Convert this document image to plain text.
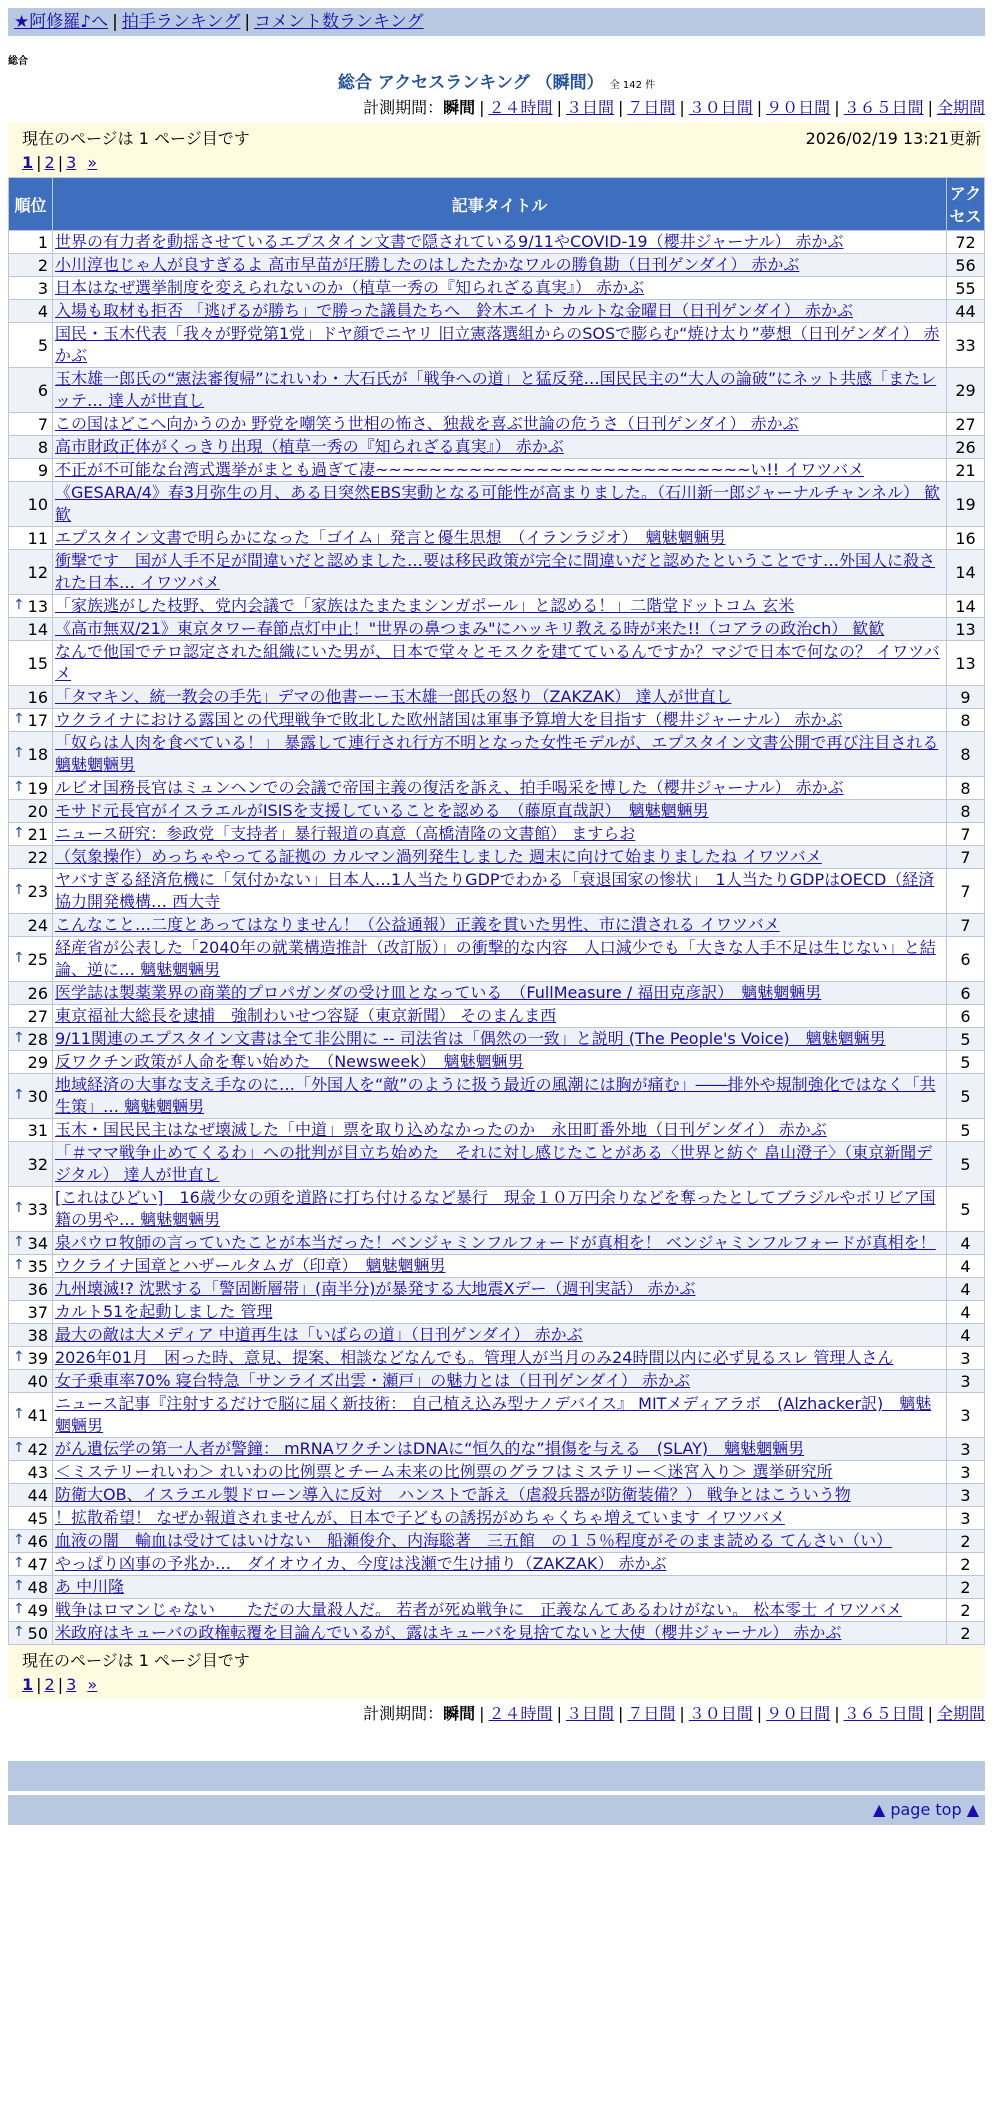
★阿修羅♪へ | 拍手ランキング | コメント数ランキング
総合
総合 アクセスランキング （瞬間） 全 142 件
計測期間：瞬間 | ２４時間 | ３日間 | ７日間 | ３０日間 | ９０日間 | ３６５日間 | 全期間
現在のページは 1 ページ目です	2026/02/19 13:21更新
1 | 2 | 3 »
順位	記事タイトル	アクセス
1	世界の有力者を動揺させているエプスタイン文書で隠されている9/11やCOVID-19（櫻井ジャーナル） 赤かぶ	72
2	小川淳也じゃ人が良すぎるよ 高市早苗が圧勝したのはしたたかなワルの勝負勘（日刊ゲンダイ） 赤かぶ	56
3	日本はなぜ選挙制度を変えられないのか（植草一秀の『知られざる真実』） 赤かぶ	55
4	入場も取材も拒否 「逃げるが勝ち」で勝った議員たちへ　鈴木エイト カルトな金曜日（日刊ゲンダイ） 赤かぶ	44
5	国民・玉木代表「我々が野党第1党」ドヤ顔でニヤリ 旧立憲落選組からのSOSで膨らむ“焼け太り”夢想（日刊ゲンダイ） 赤かぶ	33
6	玉木雄一郎氏の“憲法審復帰”にれいわ・大石氏が「戦争への道」と猛反発…国民民主の“大人の論破”にネット共感「またレッテ… 達人が世直し	29
7	この国はどこへ向かうのか 野党を嘲笑う世相の怖さ、独裁を喜ぶ世論の危うさ（日刊ゲンダイ） 赤かぶ	27
8	高市財政正体がくっきり出現（植草一秀の『知られざる真実』） 赤かぶ	26
9	不正が不可能な台湾式選挙がまとも過ぎて凄~~~~~~~~~~~~~~~~~~~~~~~~~~~~い!! イワツバメ	21
10	《GESARA/4》春3月弥生の月、ある日突然EBS実動となる可能性が高まりました。（石川新一郎ジャーナルチャンネル） 歓歓	19
11	エプスタイン文書で明らかになった「ゴイム」発言と優生思想　（イランラジオ）　魑魅魍魎男	16
12	衝撃です　国が人手不足が間違いだと認めました…要は移民政策が完全に間違いだと認めたということです…外国人に殺された日本… イワツバメ	14

↑ 13	「家族逃がした枝野、党内会議で「家族はたまたまシンガポール」と認める！」二階堂ドットコム 玄米	14
14	《高市無双/21》東京タワー春節点灯中止！"世界の鼻つまみ"にハッキリ教える時が来た!!（コアラの政治ch） 歓歓	13
15	なんで他国でテロ認定された組織にいた男が、日本で堂々とモスクを建てているんですか？マジで日本で何なの？ イワツバメ	13
16	「タマキン、統一教会の手先」デマの他書ーー玉木雄一郎氏の怒り（ZAKZAK） 達人が世直し	9

↑ 17	ウクライナにおける露国との代理戦争で敗北した欧州諸国は軍事予算増大を目指す（櫻井ジャーナル） 赤かぶ	8

↑ 18	「奴らは人肉を食べている！」 暴露して連行され行方不明となった女性モデルが、エプスタイン文書公開で再び注目される 魑魅魍魎男	8

↑ 19	ルビオ国務長官はミュンヘンでの会議で帝国主義の復活を訴え、拍手喝采を博した（櫻井ジャーナル） 赤かぶ	8
20	モサド元長官がイスラエルがISISを支援していることを認める　（藤原直哉訳）　魑魅魍魎男	8

↑ 21	ニュース研究：参政党「支持者」暴行報道の真意（高橋清隆の文書館） ますらお	7
22	（気象操作）めっちゃやってる証拠の カルマン渦列発生しました 週末に向けて始まりましたね イワツバメ	7

↑ 23	ヤバすぎる経済危機に「気付かない」日本人…1人当たりGDPでわかる「衰退国家の惨状」　1人当たりGDPはOECD（経済協力開発機構… 西大寺	7
24	こんなこと…二度とあってはなりません！（公益通報）正義を貫いた男性、市に潰される イワツバメ	7

↑ 25	経産省が公表した「2040年の就業構造推計（改訂版）」の衝撃的な内容　人口減少でも「大きな人手不足は生じない」と結論、逆に… 魑魅魍魎男	6
26	医学誌は製薬業界の商業的プロパガンダの受け皿となっている　（FullMeasure / 福田克彦訳）　魑魅魍魎男	6
27	東京福祉大総長を逮捕　強制わいせつ容疑（東京新聞） そのまんま西	6

↑ 28	9/11関連のエプスタイン文書は全て非公開に -- 司法省は「偶然の一致」と説明 (The People's Voice)　魑魅魍魎男	5
29	反ワクチン政策が人命を奪い始めた　（Newsweek）　魑魅魍魎男	5

↑ 30	地域経済の大事な支え手なのに…「外国人を“敵”のように扱う最近の風潮には胸が痛む」――排外や規制強化ではなく「共生策」… 魑魅魍魎男	5
31	玉木・国民民主はなぜ壊滅した「中道」票を取り込めなかったのか　永田町番外地（日刊ゲンダイ） 赤かぶ	5
32	「＃ママ戦争止めてくるわ」への批判が目立ち始めた　それに対し感じたことがある〈世界と紡ぐ 畠山澄子〉（東京新聞デジタル） 達人が世直し	5

↑ 33	[これはひどい]　16歳少女の頭を道路に打ち付けるなど暴行　現金１０万円余りなどを奪ったとしてブラジルやボリビア国籍の男や… 魑魅魍魎男	5

↑ 34	泉パウロ牧師の言っていたことが本当だった！ベンジャミンフルフォードが真相を！ ベンジャミンフルフォードが真相を！	4

↑ 35	ウクライナ国章とハザールタムガ（印章）　魑魅魍魎男	4
36	九州壊滅!? 沈黙する「警固断層帯」(南半分)が暴発する大地震Xデー（週刊実話） 赤かぶ	4
37	カルト51を起動しました 管理	4
38	最大の敵は大メディア 中道再生は「いばらの道」（日刊ゲンダイ） 赤かぶ	4

↑ 39	2026年01月　困った時、意見、提案、相談などなんでも。管理人が当月のみ24時間以内に必ず見るスレ 管理人さん	3
40	女子乗車率70% 寝台特急「サンライズ出雲・瀬戸」の魅力とは（日刊ゲンダイ） 赤かぶ	3

↑ 41	ニュース記事『注射するだけで脳に届く新技術： 自己植え込み型ナノデバイス』 MITメディアラボ　(Alzhacker訳)　魑魅魍魎男	3

↑ 42	がん遺伝学の第一人者が警鐘： mRNAワクチンはDNAに“恒久的な”損傷を与える　(SLAY)　魑魅魍魎男	3
43	＜ミステリーれいわ＞ れいわの比例票とチーム未来の比例票のグラフはミステリー＜迷宮入り＞ 選挙研究所	3
44	防衛大OB、イスラエル製ドローン導入に反対　ハンストで訴え（虐殺兵器が防衛装備？） 戦争とはこういう物	3
45	！拡散希望！ なぜか報道されませんが、日本で子どもの誘拐がめちゃくちゃ増えています イワツバメ	3

↑ 46	血液の闇　輸血は受けてはいけない　船瀬俊介、内海聡著　三五館　の１５％程度がそのまま読める てんさい（い）	2

↑ 47	やっぱり凶事の予兆か…　ダイオウイカ、今度は浅瀬で生け捕り（ZAKZAK） 赤かぶ	2

↑ 48	あ 中川隆	2

↑ 49	戦争はロマンじゃない　　ただの大量殺人だ。 若者が死ぬ戦争に　正義なんてあるわけがない。 松本零士 イワツバメ	2

↑ 50	米政府はキューバの政権転覆を目論んでいるが、露はキューバを見捨てないと大使（櫻井ジャーナル） 赤かぶ	2
現在のページは 1 ページ目です
1 | 2 | 3 »
計測期間：瞬間 | ２４時間 | ３日間 | ７日間 | ３０日間 | ９０日間 | ３６５日間 | 全期間
▲ page top ▲
